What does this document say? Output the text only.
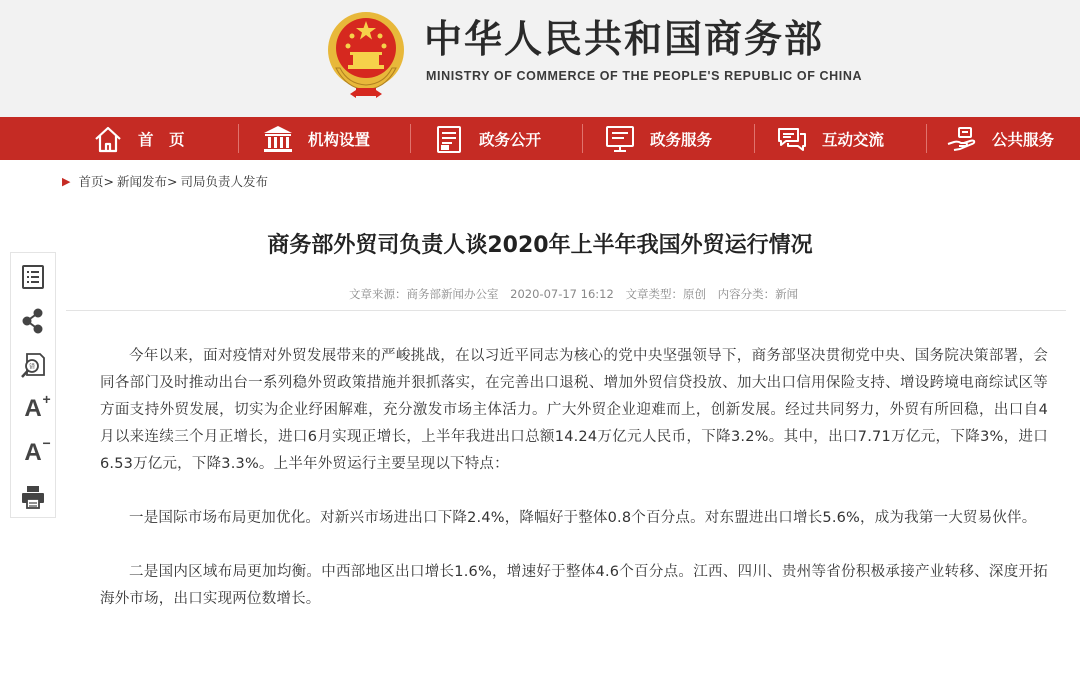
中华人民共和国商务部
MINISTRY OF COMMERCE OF THE PEOPLE'S REPUBLIC OF CHINA
首　页	机构设置	政务公开	政务服务	互动交流	公共服务
▶ 首页 > 新闻发布 > 司局负责人发布
错
A +
A −
商务部外贸司负责人谈2020年上半年我国外贸运行情况
文章来源：商务部新闻办公室 2020-07-17 16:12 文章类型：原创 内容分类：新闻

今年以来，面对疫情对外贸发展带来的严峻挑战，在以习近平同志为核心的党中央坚强领导下，商务部坚决贯彻党中央、国务院决策部署，会同各部门及时推动出台一系列稳外贸政策措施并狠抓落实，在完善出口退税、增加外贸信贷投放、加大出口信用保险支持、增设跨境电商综试区等方面支持外贸发展，切实为企业纾困解难，充分激发市场主体活力。广大外贸企业迎难而上，创新发展。经过共同努力，外贸有所回稳，出口自4月以来连续三个月正增长，进口6月实现正增长，上半年我进出口总额14.24万亿元人民币，下降3.2%。其中，出口7.71万亿元，下降3%，进口6.53万亿元，下降3.3%。上半年外贸运行主要呈现以下特点：

一是国际市场布局更加优化。对新兴市场进出口下降2.4%，降幅好于整体0.8个百分点。对东盟进出口增长5.6%，成为我第一大贸易伙伴。

二是国内区域布局更加均衡。中西部地区出口增长1.6%，增速好于整体4.6个百分点。江西、四川、贵州等省份积极承接产业转移、深度开拓海外市场，出口实现两位数增长。
